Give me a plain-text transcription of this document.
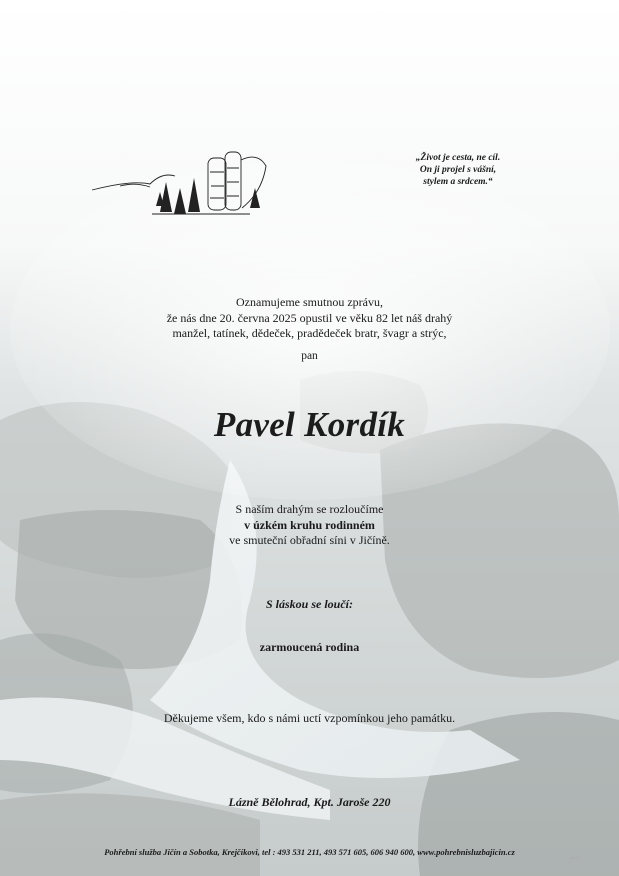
„Život je cesta, ne cíl.
On ji projel s vášní,
stylem a srdcem.“
Oznamujeme smutnou zprávu,
že nás dne 20. června 2025 opustil ve věku 82 let náš drahý
manžel, tatínek, dědeček, pradědeček bratr, švagr a strýc,
pan
Pavel Kordík
S naším drahým se rozloučíme
v úzkém kruhu rodinném
ve smuteční obřadní síni v Jičíně.
S láskou se loučí:
zarmoucená rodina
Děkujeme všem, kdo s námi uctí vzpomínkou jeho památku.
Lázně Bělohrad, Kpt. Jaroše 220
Pohřební služba Jičín a Sobotka, Krejčíkovi, tel : 493 531 211, 493 571 605, 606 940 600, www.pohrebnisluzbajicin.cz
ARCH
